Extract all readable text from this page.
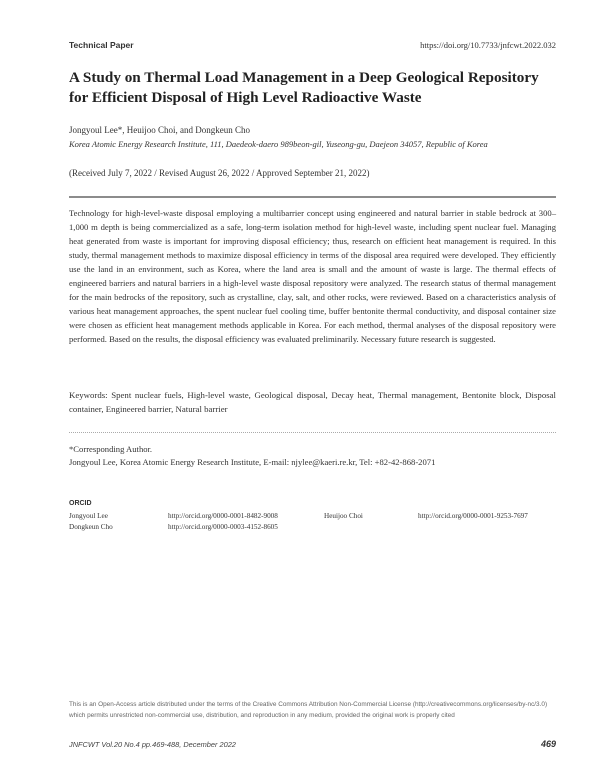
Technical Paper	https://doi.org/10.7733/jnfcwt.2022.032
A Study on Thermal Load Management in a Deep Geological Repository
for Efficient Disposal of High Level Radioactive Waste
Jongyoul Lee*, Heuijoo Choi, and Dongkeun Cho
Korea Atomic Energy Research Institute, 111, Daedeok-daero 989beon-gil, Yuseong-gu, Daejeon 34057, Republic of Korea
(Received July 7, 2022 / Revised August 26, 2022 / Approved September 21, 2022)
Technology for high-level-waste disposal employing a multibarrier concept using engineered and natural barrier in stable bedrock at 300–1,000 m depth is being commercialized as a safe, long-term isolation method for high-level waste, including spent nuclear fuel. Managing heat generated from waste is important for improving disposal efficiency; thus, research on efficient heat management is required. In this study, thermal management methods to maximize disposal efficiency in terms of the disposal area required were developed. They efficiently use the land in an environment, such as Korea, where the land area is small and the amount of waste is large. The thermal effects of engineered barriers and natural barriers in a high-level waste disposal repository were analyzed. The research status of thermal management for the main bedrocks of the repository, such as crystalline, clay, salt, and other rocks, were reviewed. Based on a characteristics analysis of various heat management approaches, the spent nuclear fuel cooling time, buffer bentonite thermal conductivity, and disposal container size were chosen as efficient heat management methods applicable in Korea. For each method, thermal analyses of the disposal repository were performed. Based on the results, the disposal efficiency was evaluated preliminarily. Necessary future research is suggested.
Keywords: Spent nuclear fuels, High-level waste, Geological disposal, Decay heat, Thermal management, Bentonite block, Disposal container, Engineered barrier, Natural barrier
*Corresponding Author.
Jongyoul Lee, Korea Atomic Energy Research Institute, E-mail: njylee@kaeri.re.kr, Tel: +82-42-868-2071
ORCID
Jongyoul Lee	http://orcid.org/0000-0001-8482-9008	Heuijoo Choi	http://orcid.org/0000-0001-9253-7697
Dongkeun Cho	http://orcid.org/0000-0003-4152-8605
This is an Open-Access article distributed under the terms of the Creative Commons Attribution Non-Commercial License (http://creativecommons.org/licenses/by-nc/3.0) which permits unrestricted non-commercial use, distribution, and reproduction in any medium, provided the original work is properly cited
JNFCWT Vol.20 No.4 pp.469-488, December 2022	469
